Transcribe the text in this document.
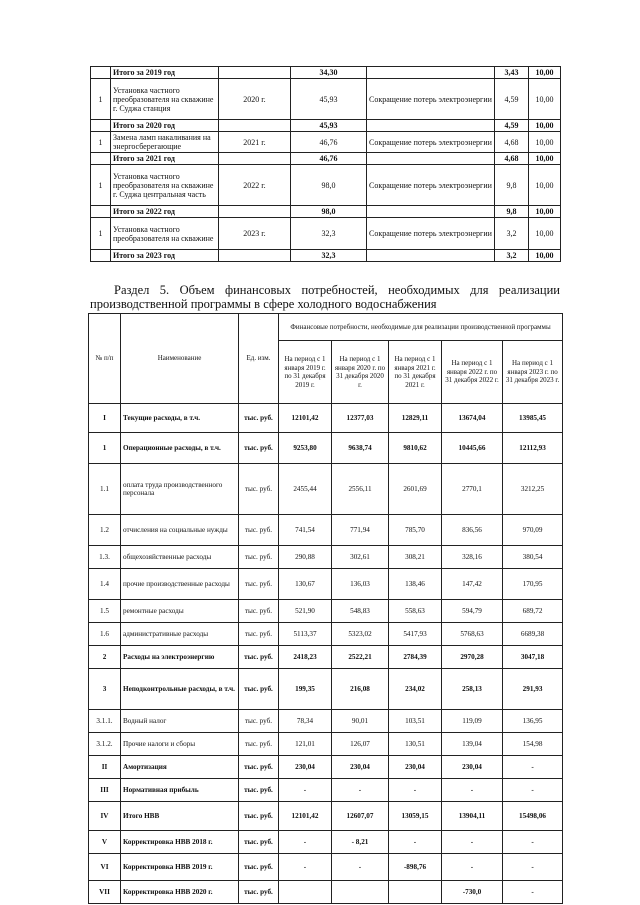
	Итого за 2019 год		34,30			3,43	10,00
1	Установка частного преобразователя на скважине г. Суджа станция	2020 г.	45,93	Сокращение потерь электроэнергии		4,59	10,00
	Итого за 2020 год		45,93			4,59	10,00
1	Замена ламп накаливания на энергосберегающие	2021 г.	46,76	Сокращение потерь электроэнергии		4,68	10,00
	Итого за 2021 год		46,76			4,68	10,00
1	Установка частного преобразователя на скважине г. Суджа центральная часть	2022 г.	98,0	Сокращение потерь электроэнергии		9,8	10,00
	Итого за 2022 год		98,0			9,8	10,00
1	Установка частного преобразователя на скважине	2023 г.	32,3	Сокращение потерь электроэнергии		3,2	10,00
	Итого за 2023 год		32,3			3,2	10,00
Раздел 5. Объем финансовых потребностей, необходимых для реализации
производственной программы в сфере холодного водоснабжения
№ п/п	Наименование	Ед. изм.	Финансовые потребности, необходимые для реализации производственной программы				
			На период с 1 января 2019 г. по 31 декабря 2019 г.	На период с 1 января 2020 г. по 31 декабря 2020 г.	На период с 1 января 2021 г. по 31 декабря 2021 г.	На период с 1 января 2022 г. по 31 декабря 2022 г.	На период с 1 января 2023 г. по 31 декабря 2023 г.
I	Текущие расходы, в т.ч.	тыс. руб.	12101,42	12377,03	12829,11	13674,04	13985,45
1	Операционные расходы, в т.ч.	тыс. руб.	9253,80	9638,74	9810,62	10445,66	12112,93
1.1	оплата труда производственного персонала	тыс. руб.	2455,44	2556,11	2601,69	2770,1	3212,25
1.2	отчисления на социальные нужды	тыс. руб.	741,54	771,94	785,70	836,56	970,09
1.3.	общехозяйственные расходы	тыс. руб.	290,88	302,61	308,21	328,16	380,54
1.4	прочие производственные расходы	тыс. руб.	130,67	136,03	138,46	147,42	170,95
1.5	ремонтные расходы	тыс. руб.	521,90	548,83	558,63	594,79	689,72
1.6	административные расходы	тыс. руб.	5113,37	5323,02	5417,93	5768,63	6689,38
2	Расходы на электроэнергию	тыс. руб.	2418,23	2522,21	2784,39	2970,28	3047,18
3	Неподконтрольные расходы, в т.ч.	тыс. руб.	199,35	216,08	234,02	258,13	291,93
3.1.1.	Водный налог	тыс. руб.	78,34	90,01	103,51	119,09	136,95
3.1.2.	Прочие налоги и сборы	тыс. руб.	121,01	126,07	130,51	139,04	154,98
II	Амортизация	тыс. руб.	230,04	230,04	230,04	230,04	-
III	Нормативная прибыль	тыс. руб.	-	-	-	-	-
IV	Итого НВВ	тыс. руб.	12101,42	12607,07	13059,15	13904,11	15498,06
V	Корректировка НВВ 2018 г.	тыс. руб.	-	- 8,21	-	-	-
VI	Корректировка НВВ 2019 г.	тыс. руб.	-	-	-898,76	-	-
VII	Корректировка НВВ 2020 г.	тыс. руб.				-730,0	-
